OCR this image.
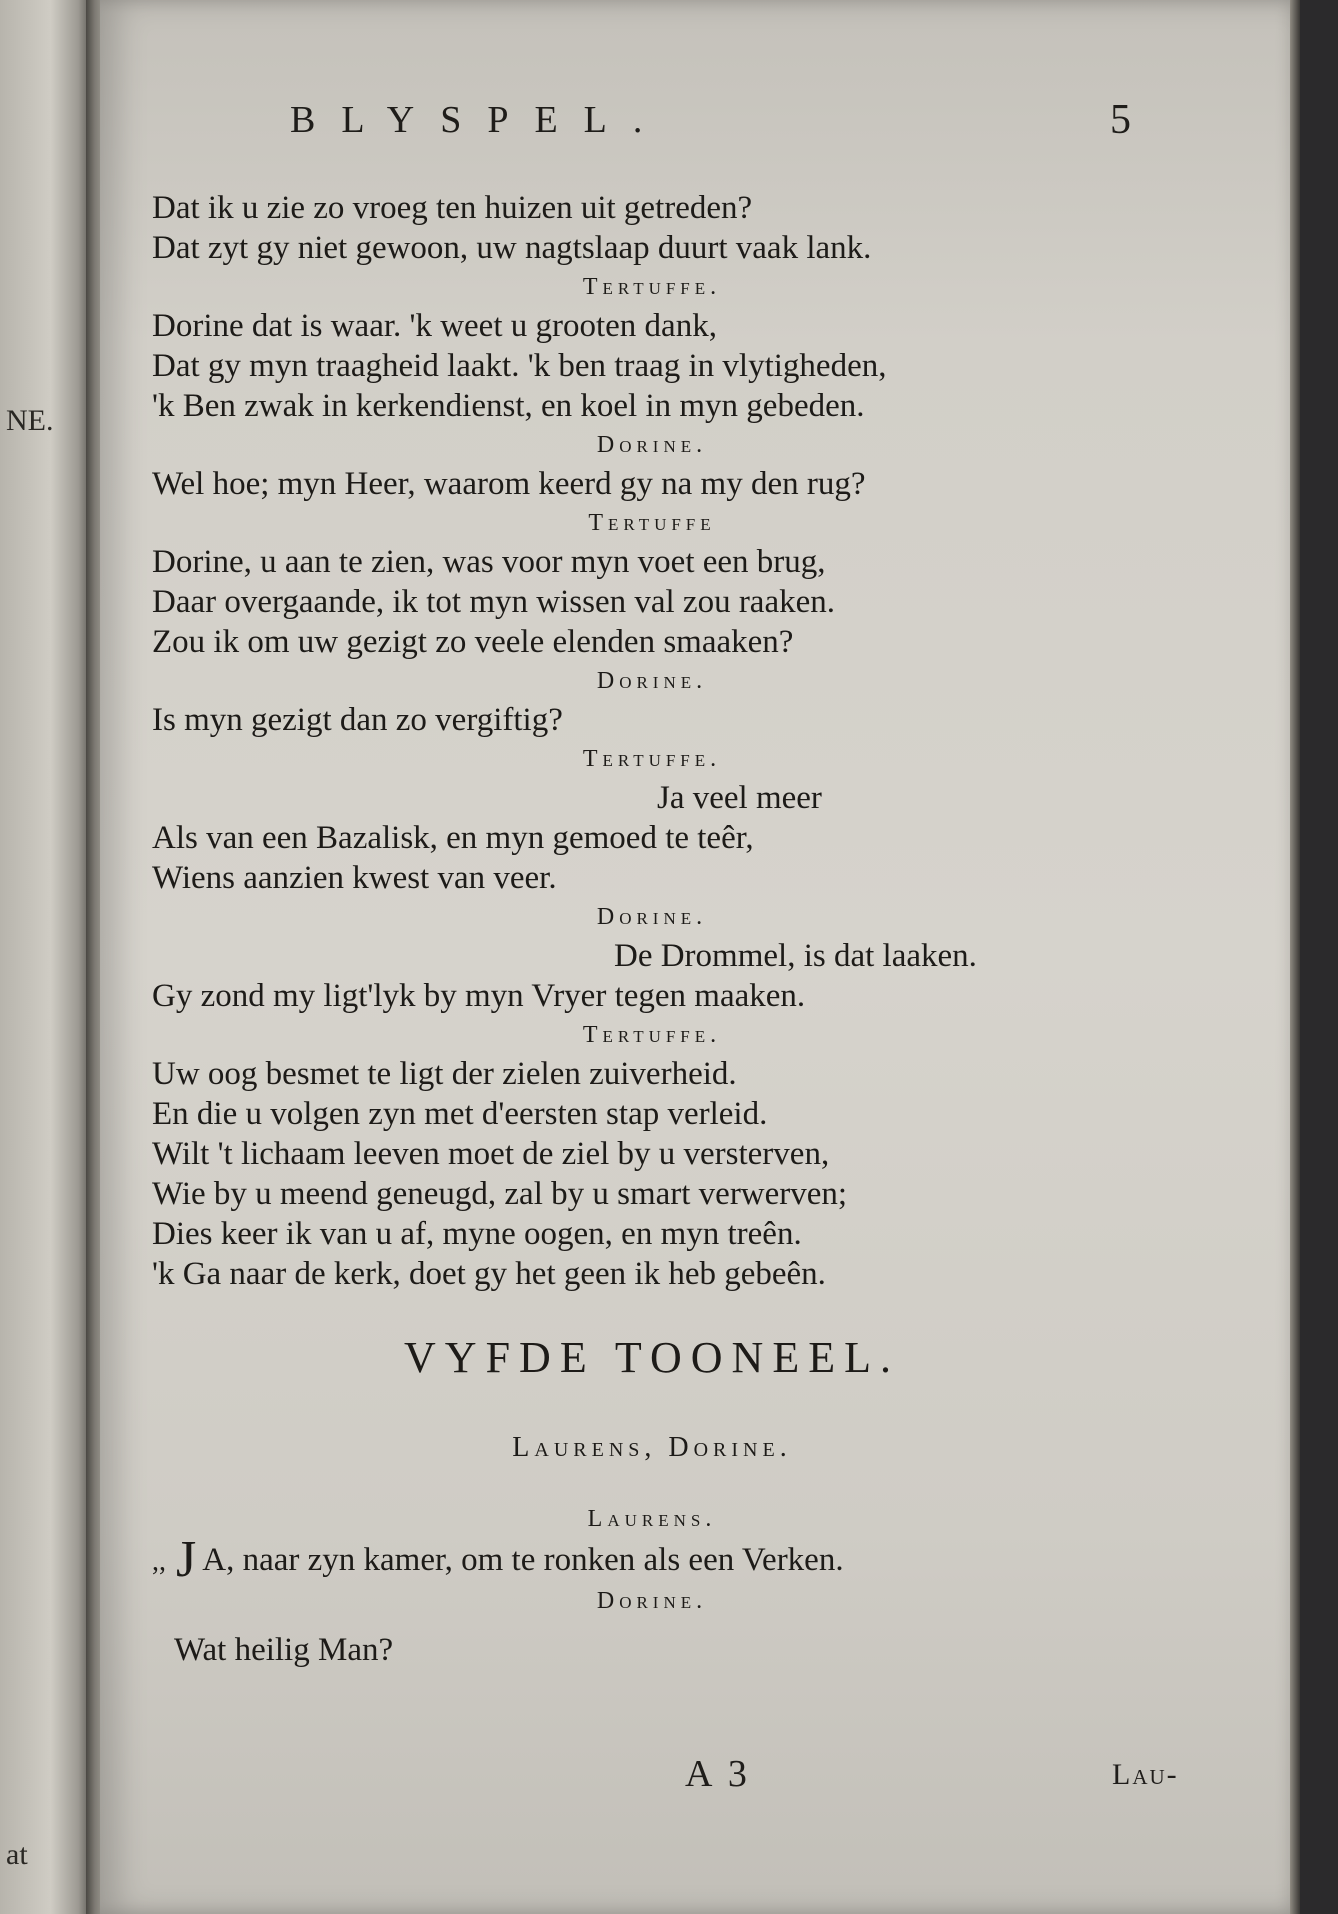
NE.
at
BLYSPEL.	5
Dat ik u zie zo vroeg ten huizen uit getreden?
Dat zyt gy niet gewoon, uw nagtslaap duurt vaak lank.
Tertuffe.
Dorine dat is waar. 'k weet u grooten dank,
Dat gy myn traagheid laakt. 'k ben traag in vlytigheden,
'k Ben zwak in kerkendienst, en koel in myn gebeden.
Dorine.
Wel hoe; myn Heer, waarom keerd gy na my den rug?
Tertuffe
Dorine, u aan te zien, was voor myn voet een brug,
Daar overgaande, ik tot myn wissen val zou raaken.
Zou ik om uw gezigt zo veele elenden smaaken?
Dorine.
Is myn gezigt dan zo vergiftig?
Tertuffe.
Ja veel meer
Als van een Bazalisk, en myn gemoed te teêr,
Wiens aanzien kwest van veer.
Dorine.
De Drommel, is dat laaken.
Gy zond my ligt'lyk by myn Vryer tegen maaken.
Tertuffe.
Uw oog besmet te ligt der zielen zuiverheid.
En die u volgen zyn met d'eersten stap verleid.
Wilt 't lichaam leeven moet de ziel by u versterven,
Wie by u meend geneugd, zal by u smart verwerven;
Dies keer ik van u af, myne oogen, en myn treên.
'k Ga naar de kerk, doet gy het geen ik heb gebeên.
VYFDE TOONEEL.
Laurens, Dorine.
Laurens.
,, J A, naar zyn kamer, om te ronken als een Verken.
Dorine.
Wat heilig Man?
A 3	Lau-
